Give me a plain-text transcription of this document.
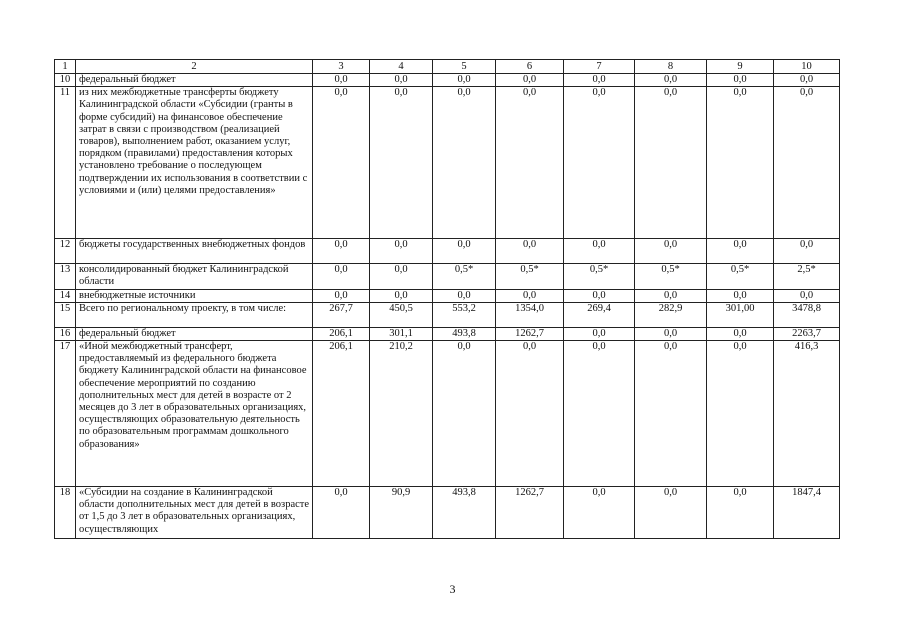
1	2	3	4	5	6	7	8	9	10
10	федеральный бюджет	0,0	0,0	0,0	0,0	0,0	0,0	0,0	0,0
11	из них межбюджетные трансферты бюджету Калининградской области «Субсидии (гранты в форме субсидий) на финансовое обеспечение затрат в связи с производством (реализацией товаров), выполнением работ, оказанием услуг, порядком (правилами) предоставления которых установлено требование о последующем подтверждении их использования в соответствии с условиями и (или) целями предоставления»	0,0	0,0	0,0	0,0	0,0	0,0	0,0	0,0
12	бюджеты государственных внебюджетных фондов	0,0	0,0	0,0	0,0	0,0	0,0	0,0	0,0
13	консолидированный бюджет Калининградской области	0,0	0,0	0,5*	0,5*	0,5*	0,5*	0,5*	2,5*
14	внебюджетные источники	0,0	0,0	0,0	0,0	0,0	0,0	0,0	0,0
15	Всего по региональному проекту, в том числе:	267,7	450,5	553,2	1354,0	269,4	282,9	301,00	3478,8
16	федеральный бюджет	206,1	301,1	493,8	1262,7	0,0	0,0	0,0	2263,7
17	«Иной межбюджетный трансферт, предоставляемый из федерального бюджета бюджету Калининградской области на финансовое обеспечение мероприятий по созданию дополнительных мест для детей в возрасте от 2 месяцев до 3 лет в образовательных организациях, осуществляющих образовательную деятельность по образовательным программам дошкольного образования»	206,1	210,2	0,0	0,0	0,0	0,0	0,0	416,3
18	«Субсидии на создание в Калининградской области дополнительных мест для детей в возрасте от 1,5 до 3 лет в образовательных организациях, осуществляющих	0,0	90,9	493,8	1262,7	0,0	0,0	0,0	1847,4
3
